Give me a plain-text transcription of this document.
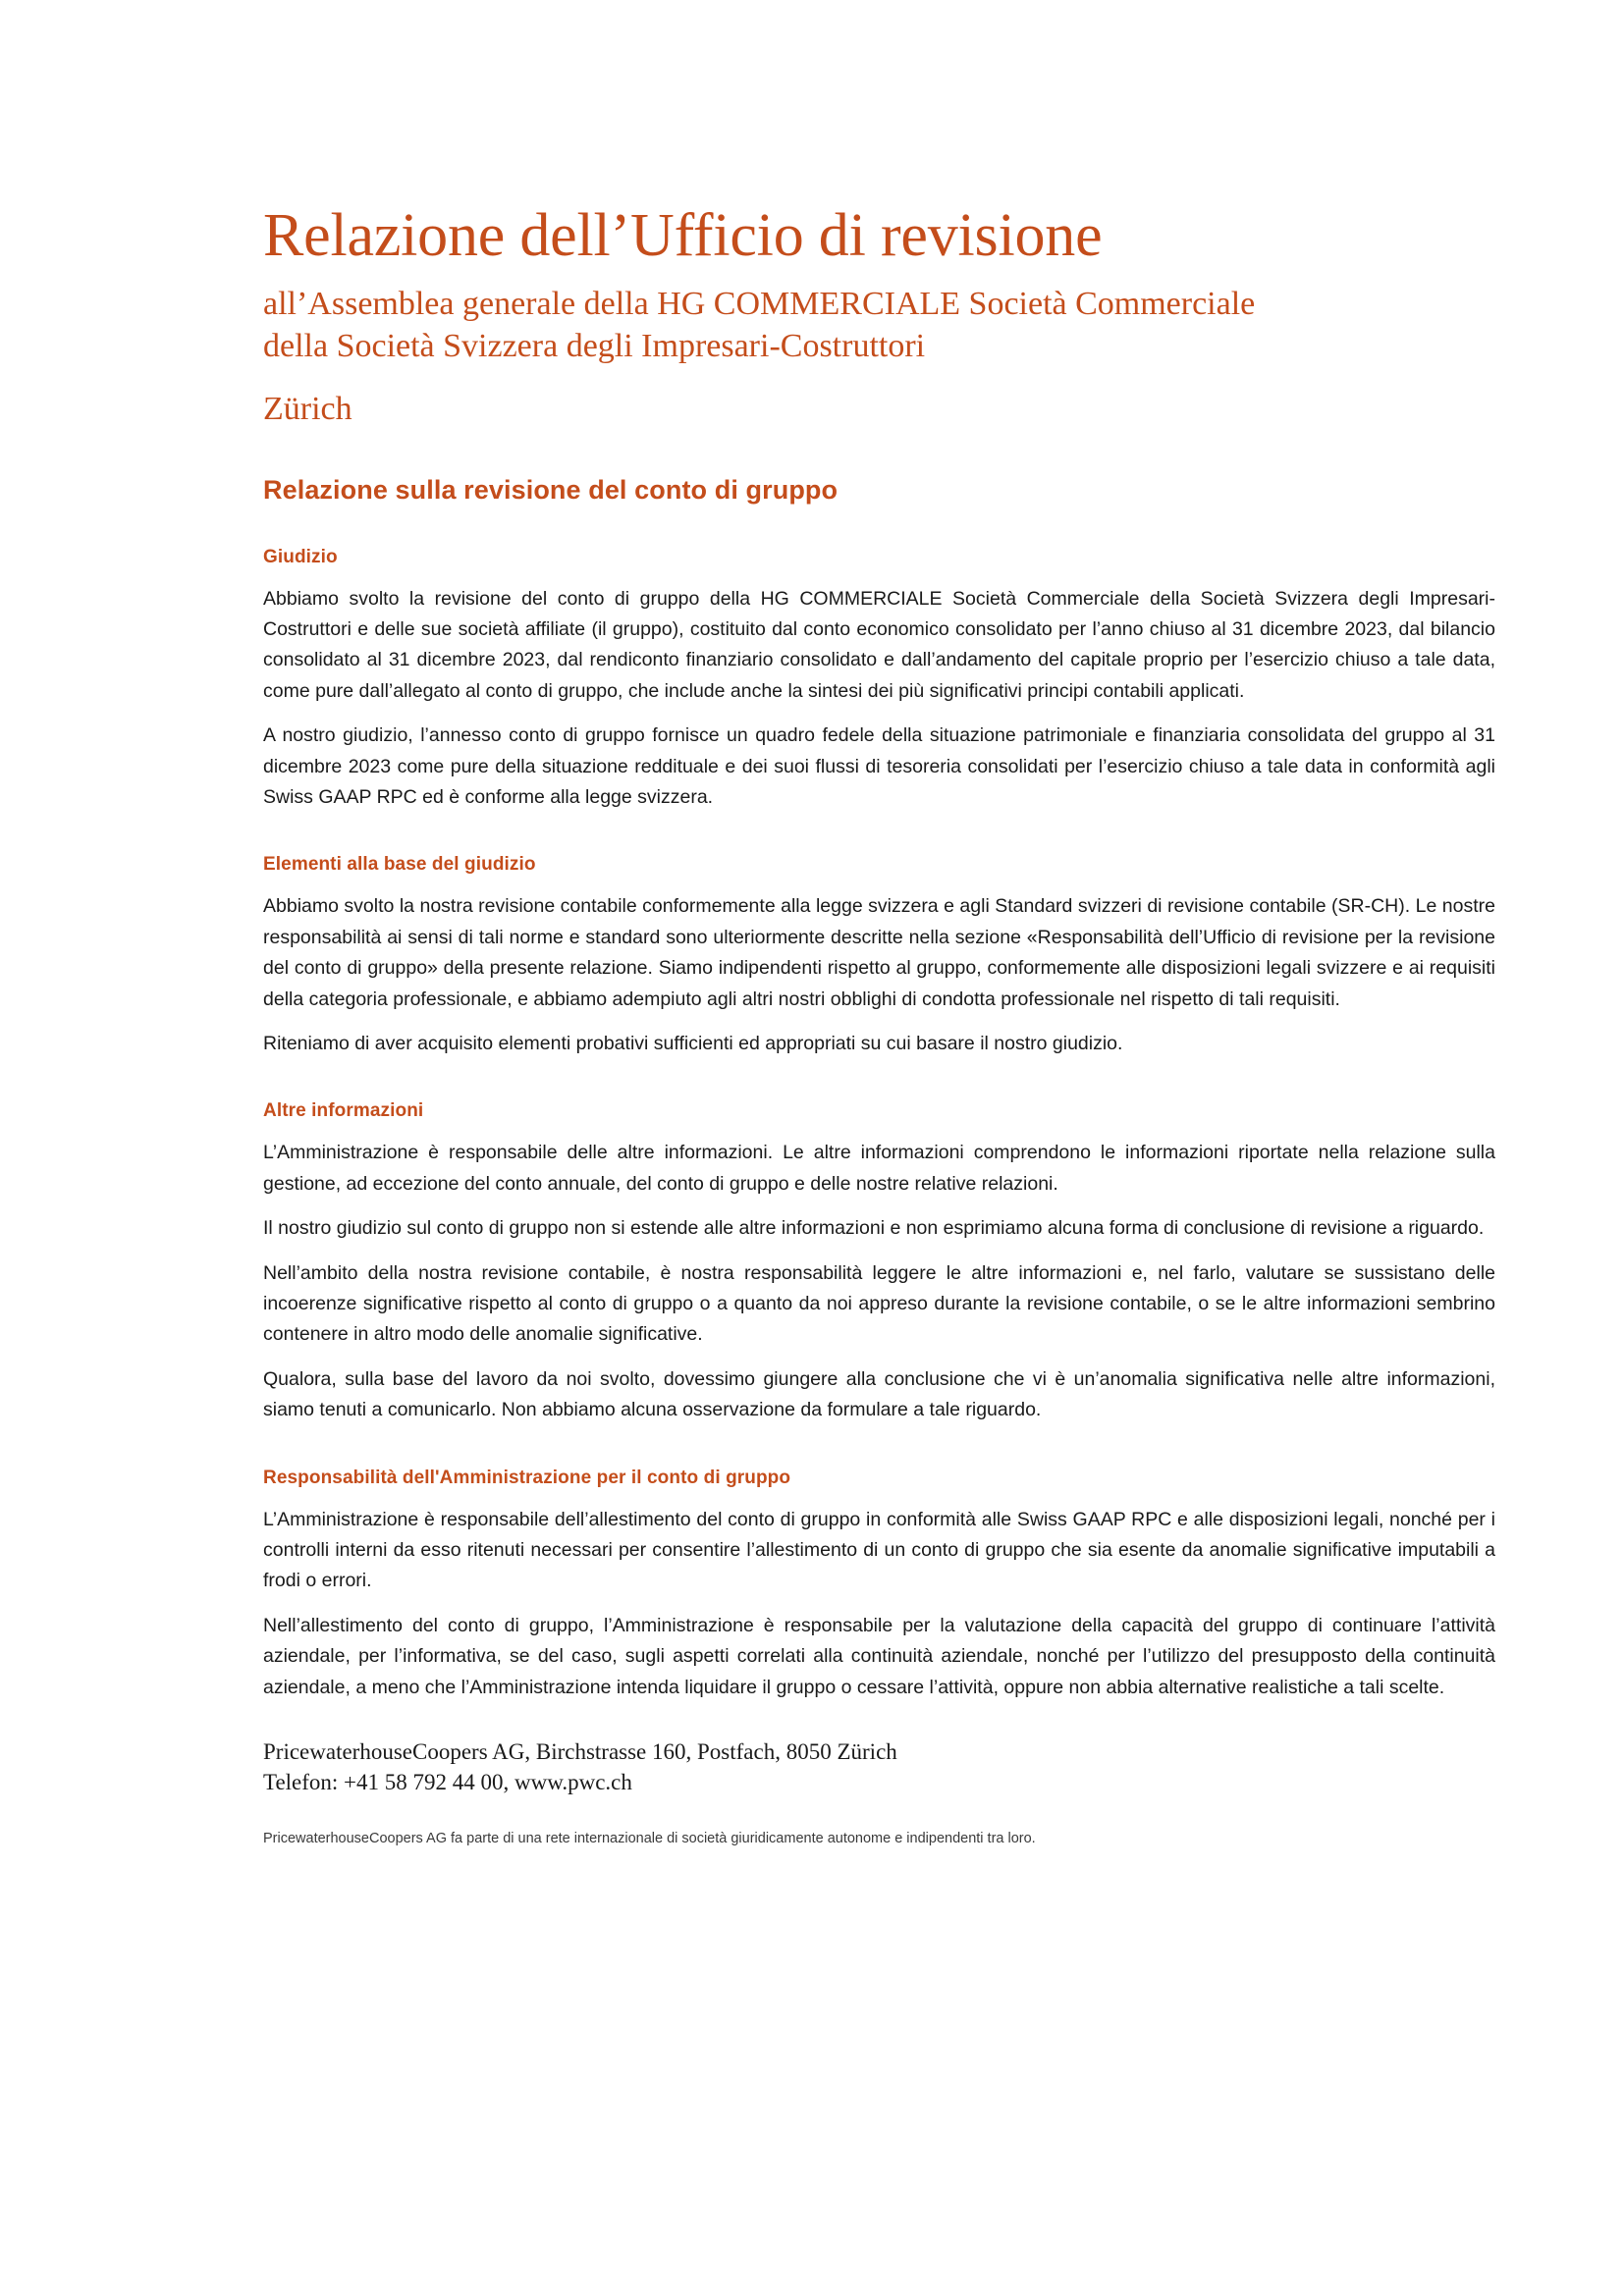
Relazione dell’Ufficio di revisione
all’Assemblea generale della HG COMMERCIALE Società Commerciale
della Società Svizzera degli Impresari-Costruttori
Zürich
Relazione sulla revisione del conto di gruppo
Giudizio

Abbiamo svolto la revisione del conto di gruppo della HG COMMERCIALE Società Commerciale della Società Svizzera degli Impresari-Costruttori e delle sue società affiliate (il gruppo), costituito dal conto economico consolidato per l’anno chiuso al 31 dicembre 2023, dal bilancio consolidato al 31 dicembre 2023, dal rendiconto finanziario consolidato e dall’andamento del capitale proprio per l’esercizio chiuso a tale data, come pure dall’allegato al conto di gruppo, che include anche la sintesi dei più significativi principi contabili applicati.

A nostro giudizio, l’annesso conto di gruppo fornisce un quadro fedele della situazione patrimoniale e finanziaria consolidata del gruppo al 31 dicembre 2023 come pure della situazione reddituale e dei suoi flussi di tesoreria consolidati per l’esercizio chiuso a tale data in conformità agli Swiss GAAP RPC ed è conforme alla legge svizzera.

Elementi alla base del giudizio

Abbiamo svolto la nostra revisione contabile conformemente alla legge svizzera e agli Standard svizzeri di revisione contabile (SR-CH). Le nostre responsabilità ai sensi di tali norme e standard sono ulteriormente descritte nella sezione «Responsabilità dell’Ufficio di revisione per la revisione del conto di gruppo» della presente relazione. Siamo indipendenti rispetto al gruppo, conformemente alle disposizioni legali svizzere e ai requisiti della categoria professionale, e abbiamo adempiuto agli altri nostri obblighi di condotta professionale nel rispetto di tali requisiti.

Riteniamo di aver acquisito elementi probativi sufficienti ed appropriati su cui basare il nostro giudizio.

Altre informazioni

L’Amministrazione è responsabile delle altre informazioni. Le altre informazioni comprendono le informazioni riportate nella relazione sulla gestione, ad eccezione del conto annuale, del conto di gruppo e delle nostre relative relazioni.

Il nostro giudizio sul conto di gruppo non si estende alle altre informazioni e non esprimiamo alcuna forma di conclusione di revisione a riguardo.

Nell’ambito della nostra revisione contabile, è nostra responsabilità leggere le altre informazioni e, nel farlo, valutare se sussistano delle incoerenze significative rispetto al conto di gruppo o a quanto da noi appreso durante la revisione contabile, o se le altre informazioni sembrino contenere in altro modo delle anomalie significative.

Qualora, sulla base del lavoro da noi svolto, dovessimo giungere alla conclusione che vi è un’anomalia significativa nelle altre informazioni, siamo tenuti a comunicarlo. Non abbiamo alcuna osservazione da formulare a tale riguardo.

Responsabilità dell'Amministrazione per il conto di gruppo

L’Amministrazione è responsabile dell’allestimento del conto di gruppo in conformità alle Swiss GAAP RPC e alle disposizioni legali, nonché per i controlli interni da esso ritenuti necessari per consentire l’allestimento di un conto di gruppo che sia esente da anomalie significative imputabili a frodi o errori.

Nell’allestimento del conto di gruppo, l’Amministrazione è responsabile per la valutazione della capacità del gruppo di continuare l’attività aziendale, per l’informativa, se del caso, sugli aspetti correlati alla continuità aziendale, nonché per l’utilizzo del presupposto della continuità aziendale, a meno che l’Amministrazione intenda liquidare il gruppo o cessare l’attività, oppure non abbia alternative realistiche a tali scelte.

PricewaterhouseCoopers AG, Birchstrasse 160, Postfach, 8050 Zürich
Telefon: +41 58 792 44 00, www.pwc.ch
PricewaterhouseCoopers AG fa parte di una rete internazionale di società giuridicamente autonome e indipendenti tra loro.
